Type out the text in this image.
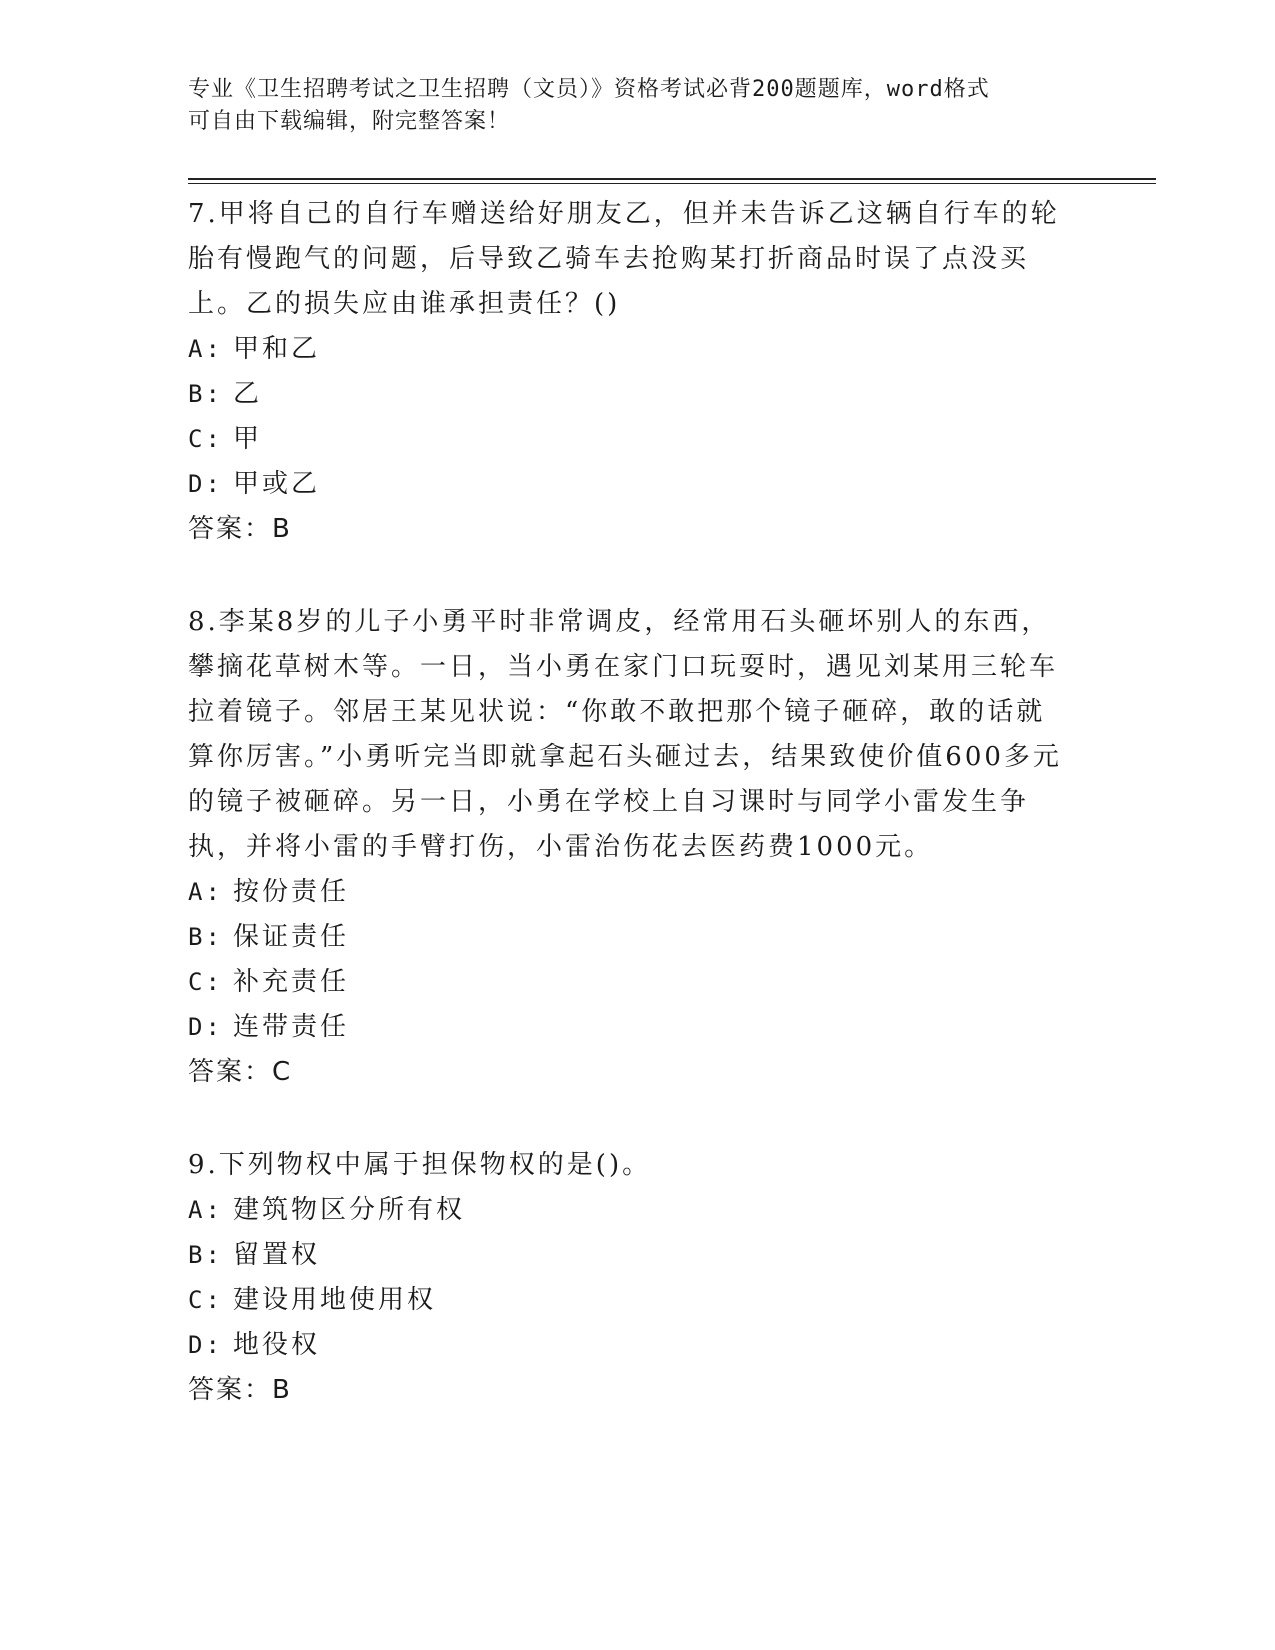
专业《卫生招聘考试之卫生招聘（文员）》资格考试必背200题题库，word格式
可自由下载编辑，附完整答案！

7.甲将自己的自行车赠送给好朋友乙，但并未告诉乙这辆自行车的轮胎有慢跑气的问题，后导致乙骑车去抢购某打折商品时误了点没买上。乙的损失应由谁承担责任？()

A: 甲和乙
B: 乙
C: 甲
D: 甲或乙

答案：B

8.李某8岁的儿子小勇平时非常调皮，经常用石头砸坏别人的东西，攀摘花草树木等。一日，当小勇在家门口玩耍时，遇见刘某用三轮车拉着镜子。邻居王某见状说：“你敢不敢把那个镜子砸碎，敢的话就算你厉害。”小勇听完当即就拿起石头砸过去，结果致使价值600多元的镜子被砸碎。另一日，小勇在学校上自习课时与同学小雷发生争执，并将小雷的手臂打伤，小雷治伤花去医药费1000元。

A: 按份责任
B: 保证责任
C: 补充责任
D: 连带责任

答案：C

9.下列物权中属于担保物权的是()。

A: 建筑物区分所有权
B: 留置权
C: 建设用地使用权
D: 地役权

答案：B
